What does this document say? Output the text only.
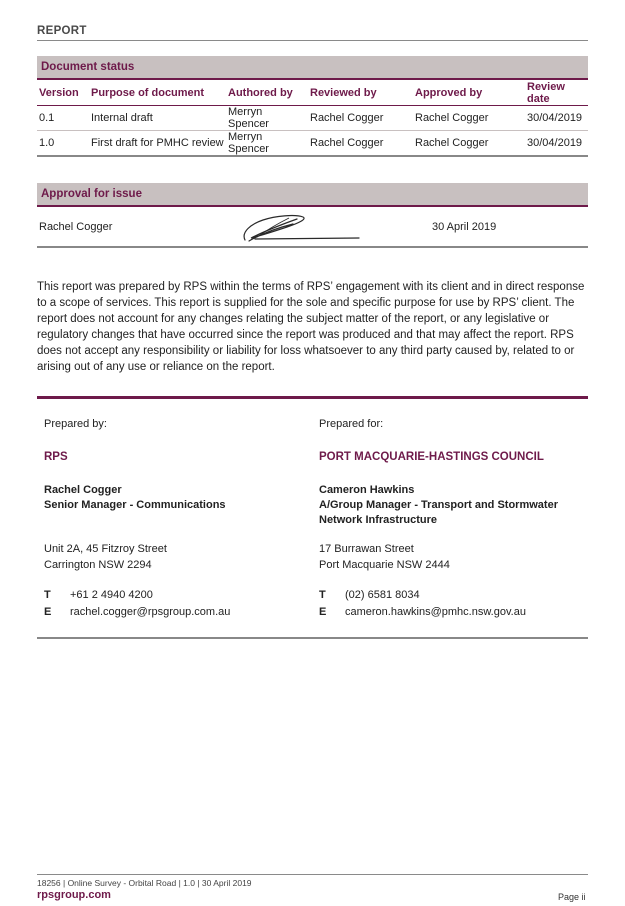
REPORT
Document status
Version	Purpose of document	Authored by	Reviewed by	Approved by	Review date
0.1	Internal draft	Merryn Spencer	Rachel Cogger	Rachel Cogger	30/04/2019
1.0	First draft for PMHC review	Merryn Spencer	Rachel Cogger	Rachel Cogger	30/04/2019
Approval for issue
Rachel Cogger	30 April 2019
This report was prepared by RPS within the terms of RPS’ engagement with its client and in direct response to a scope of services. This report is supplied for the sole and specific purpose for use by RPS’ client. The report does not account for any changes relating the subject matter of the report, or any legislative or regulatory changes that have occurred since the report was produced and that may affect the report. RPS does not accept any responsibility or liability for loss whatsoever to any third party caused by, related to or arising out of any use or reliance on the report.
Prepared by:
RPS
Rachel Cogger
Senior Manager - Communications
Unit 2A, 45 Fitzroy Street
Carrington NSW 2294
T +61 2 4940 4200
E rachel.cogger@rpsgroup.com.au
Prepared for:
PORT MACQUARIE-HASTINGS COUNCIL
Cameron Hawkins
A/Group Manager - Transport and Stormwater Network Infrastructure
17 Burrawan Street
Port Macquarie NSW 2444
T (02) 6581 8034
E cameron.hawkins@pmhc.nsw.gov.au
18256 | Online Survey - Orbital Road | 1.0 | 30 April 2019
rpsgroup.com	Page ii
